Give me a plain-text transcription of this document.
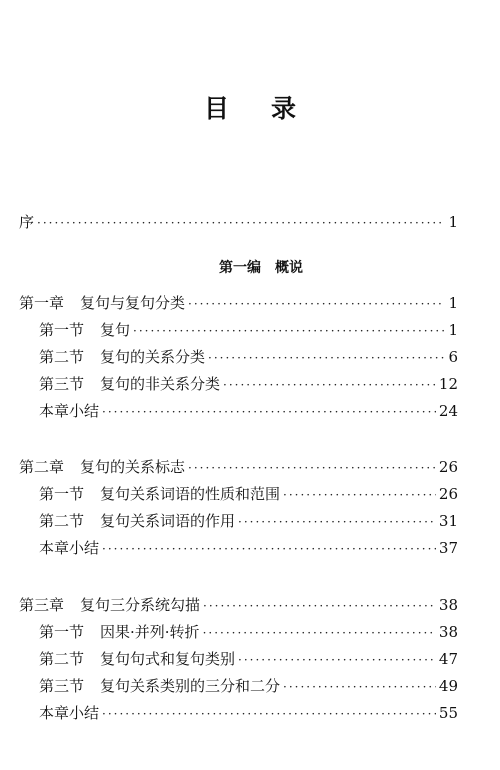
目录
序 ·····	1
第一编 概说
第一章 复句与复句分类 ·····	1
第一节 复句 ·····	1
第二节 复句的关系分类 ·····	6
第三节 复句的非关系分类 ·····	12
本章小结 ·····	24
第二章 复句的关系标志 ·····	26
第一节 复句关系词语的性质和范围 ·····	26
第二节 复句关系词语的作用 ·····	31
本章小结 ·····	37
第三章 复句三分系统勾描 ·····	38
第一节 因果·并列·转折 ·····	38
第二节 复句句式和复句类别 ·····	47
第三节 复句关系类别的三分和二分 ·····	49
本章小结 ·····	55
